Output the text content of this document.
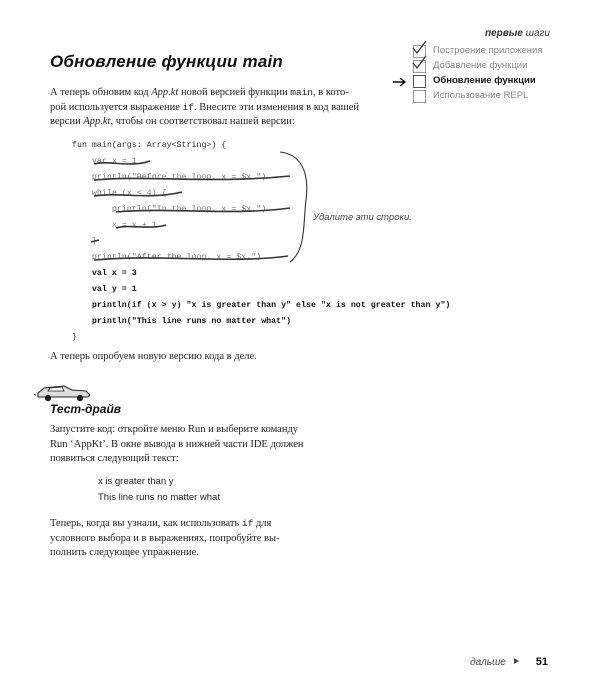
первые шаги
Построение приложения
Добавление функции
Обновление функции
Использование REPL
Обновление функции main
А теперь обновим код App.kt новой версией функции main, в кото-
рой используется выражение if. Внесите эти изменения в код вашей
версии App.kt, чтобы он соответствовал нашей версии:

fun main(args: Array<String>) {

var x = 1

println("Before the loop. x = $x.")

while (x < 4) {

println("In the loop. x = $x.")

x = x + 1

}

println("After the loop. x = $x.")

val x = 3

val y = 1

println(if (x > y) "x is greater than y" else "x is not greater than y")

println("This line runs no matter what")

}

Удалите эти строки.
А теперь опробуем новую версию кода в деле.
Тест-драйв
Запустите код: откройте меню Run и выберите команду
Run ‘AppKt’. В окне вывода в нижней части IDE должен
появиться следующий текст:
x is greater than y
This line runs no matter what
Теперь, когда вы узнали, как использовать if для
условного выбора и в выражениях, попробуйте вы-
полнить следующее упражнение.
дальше	51
